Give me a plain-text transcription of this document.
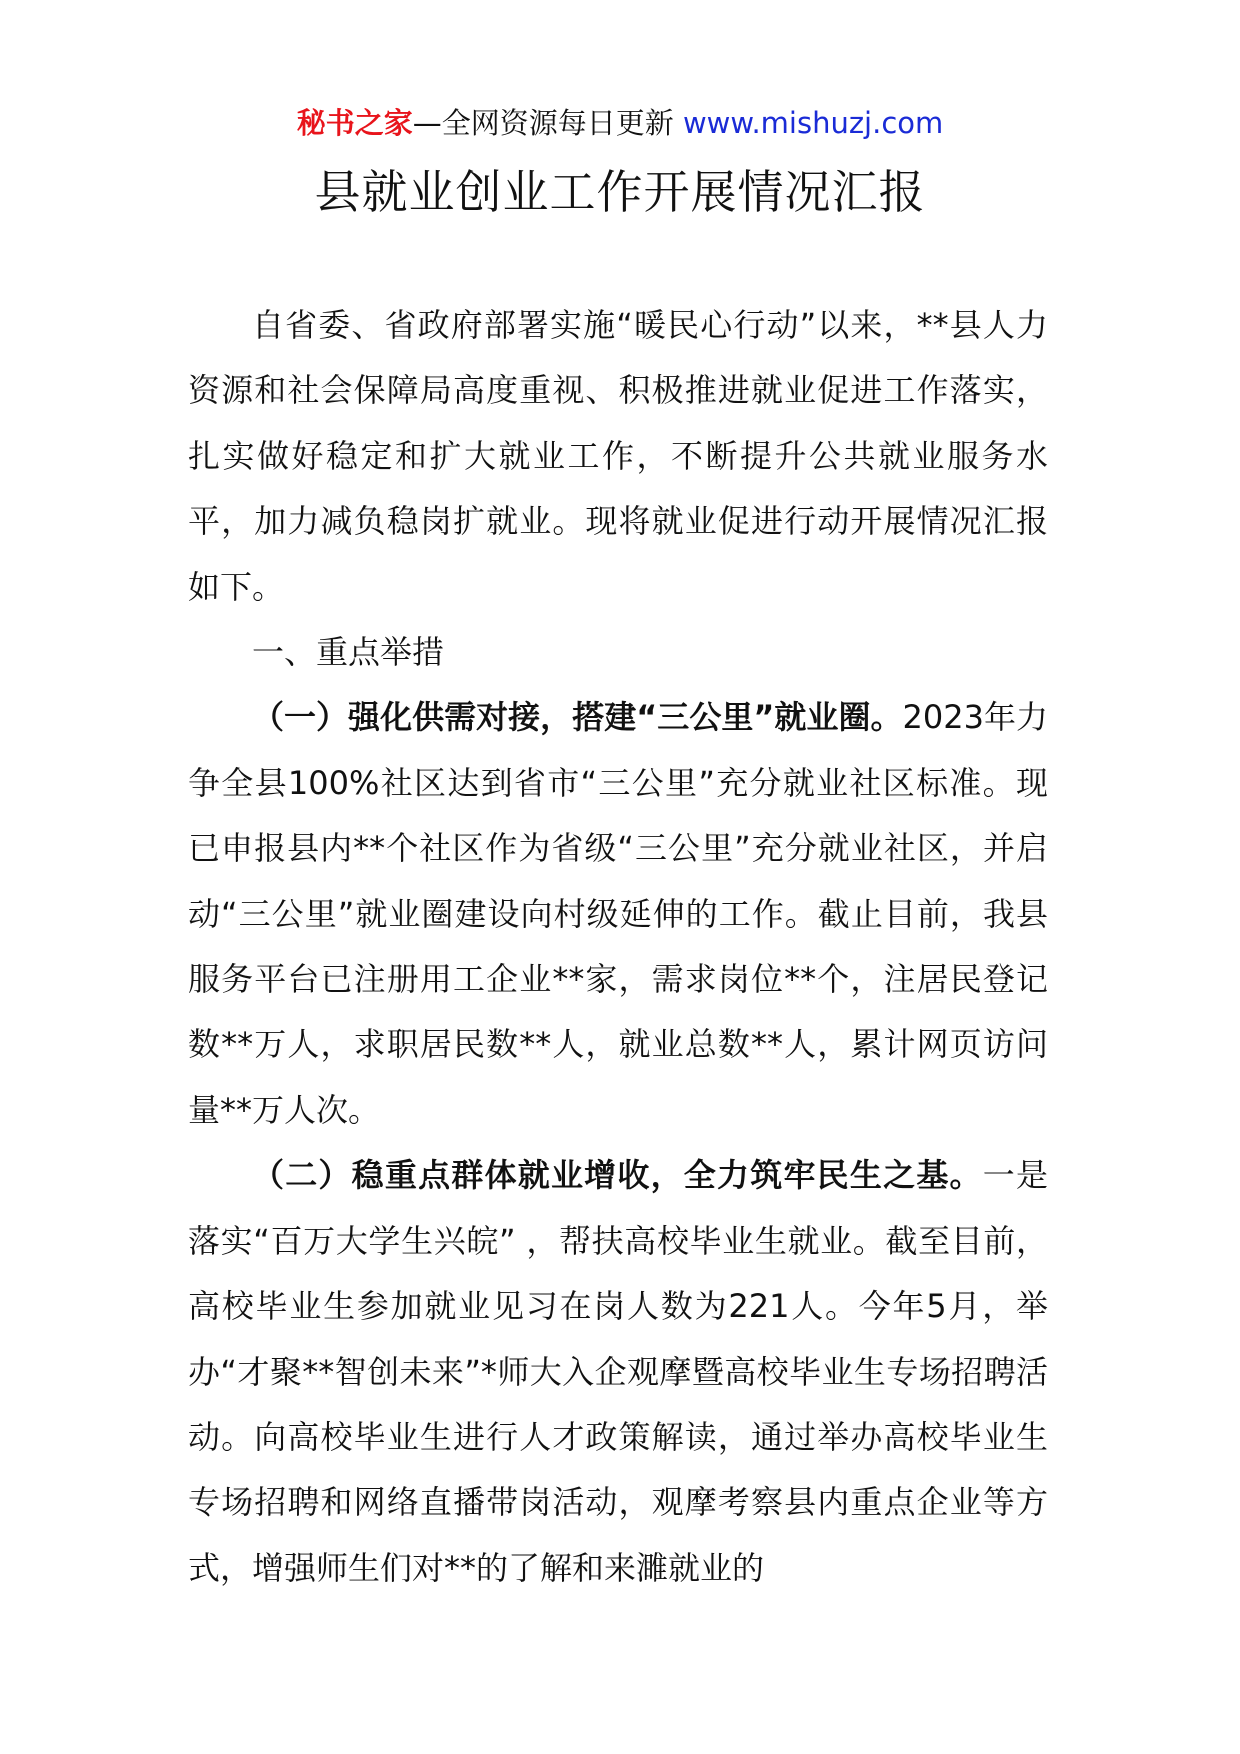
秘书之家—全网资源每日更新 www.mishuzj.com
县就业创业工作开展情况汇报

自省委、省政府部署实施“暖民心行动”以来，**县人力资源和社会保障局高度重视、积极推进就业促进工作落实，扎实做好稳定和扩大就业工作，不断提升公共就业服务水平，加力减负稳岗扩就业。现将就业促进行动开展情况汇报如下。

一、重点举措

（一）强化供需对接，搭建“三公里”就业圈。2023年力争全县100%社区达到省市“三公里”充分就业社区标准。现已申报县内**个社区作为省级“三公里”充分就业社区，并启动“三公里”就业圈建设向村级延伸的工作。截止目前，我县服务平台已注册用工企业**家，需求岗位**个，注居民登记数**万人，求职居民数**人，就业总数**人，累计网页访问量**万人次。

（二）稳重点群体就业增收，全力筑牢民生之基。一是落实“百万大学生兴皖” ，帮扶高校毕业生就业。截至目前，高校毕业生参加就业见习在岗人数为221人。今年5月，举办“才聚**智创未来”*师大入企观摩暨高校毕业生专场招聘活动。向高校毕业生进行人才政策解读，通过举办高校毕业生专场招聘和网络直播带岗活动，观摩考察县内重点企业等方式，增强师生们对**的了解和来濉就业的
